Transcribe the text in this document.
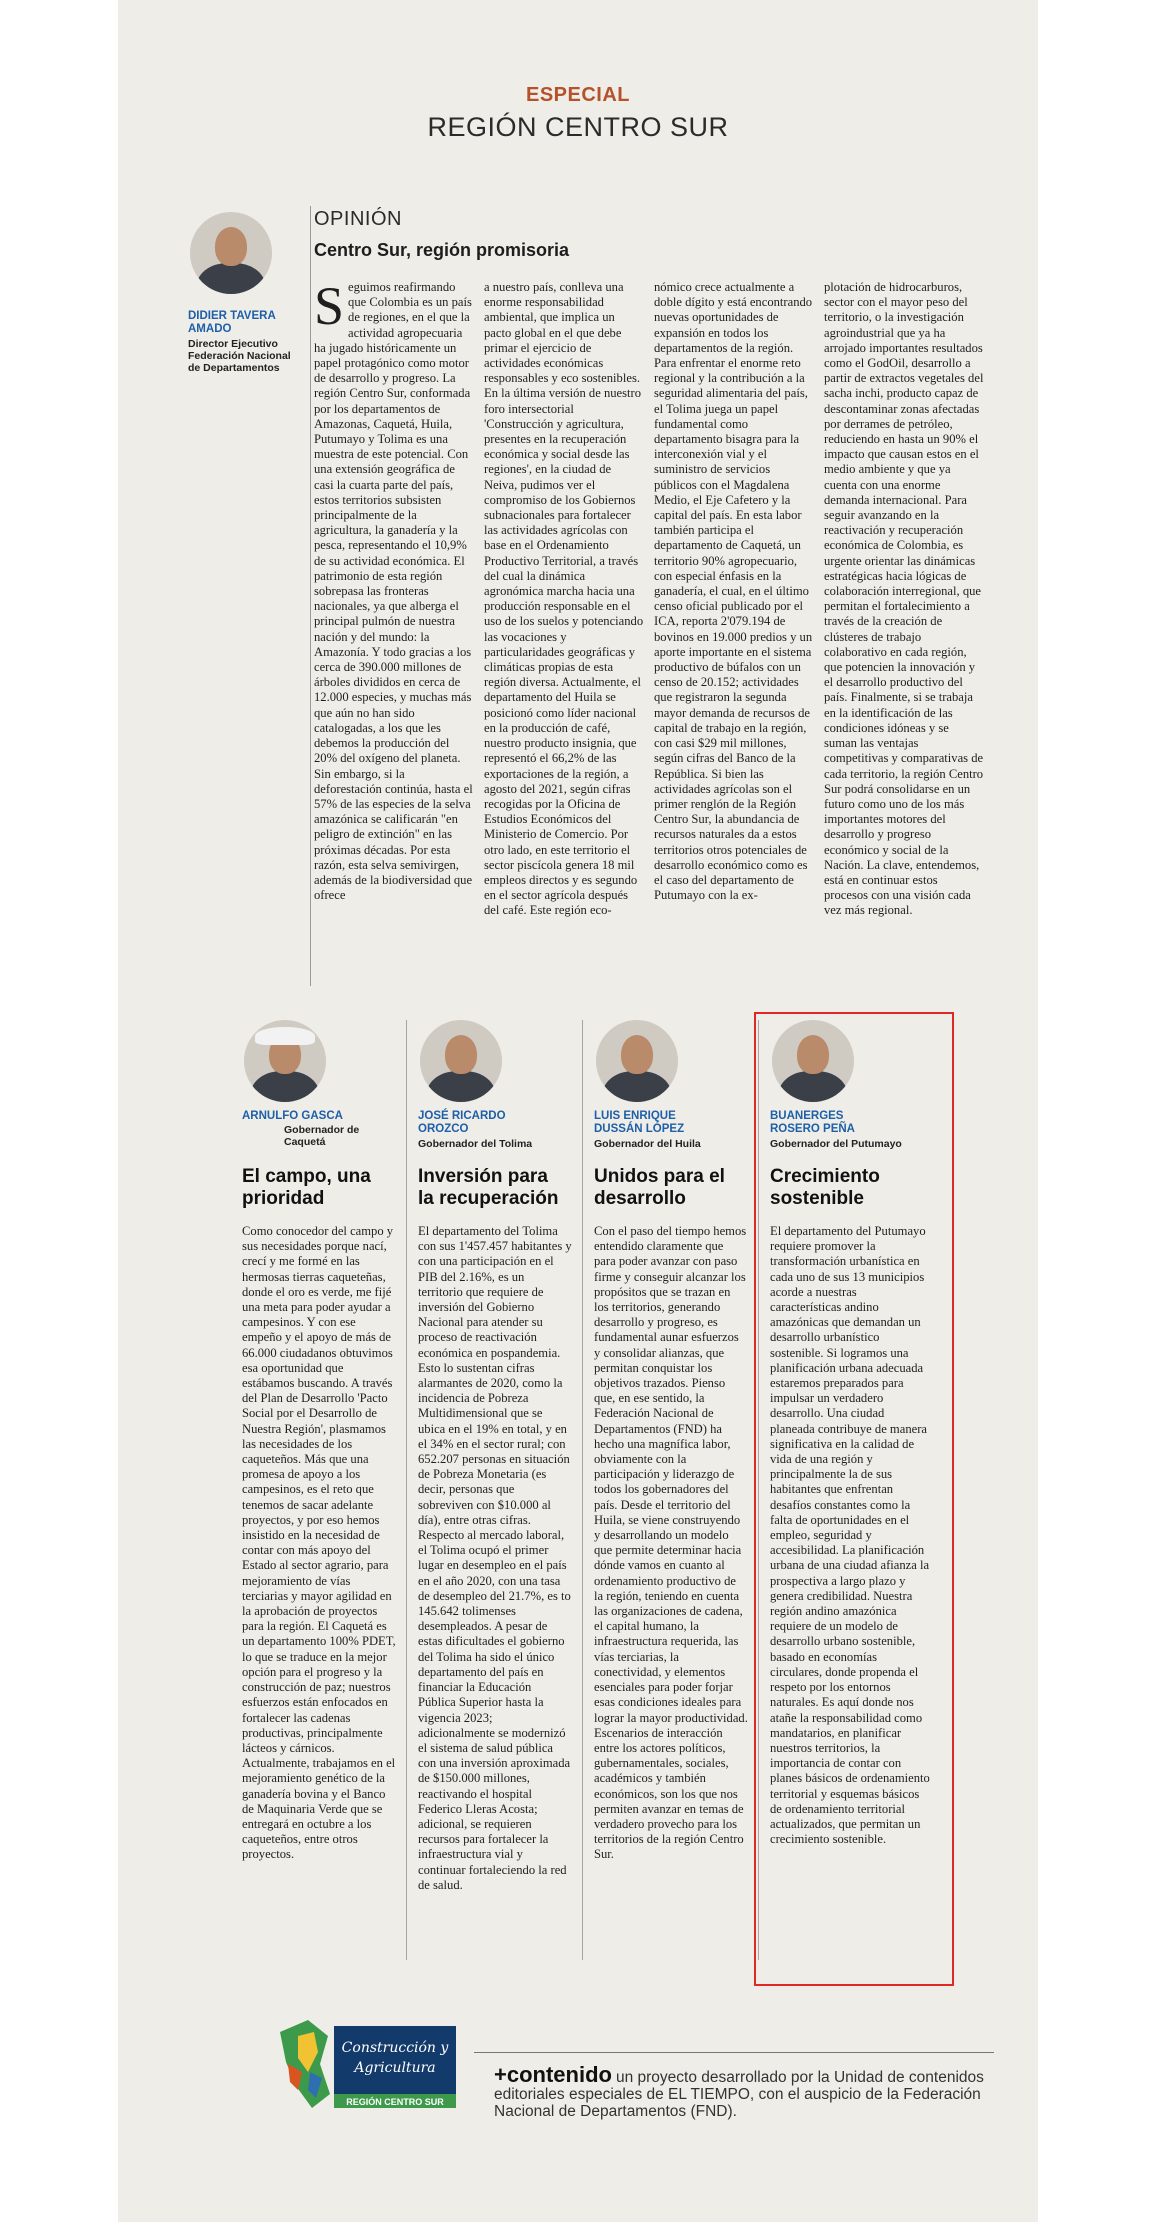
ESPECIAL
REGIÓN CENTRO SUR
DIDIER TAVERA AMADO
Director Ejecutivo Federación Nacional de Departamentos
OPINIÓN
Centro Sur, región promisoria
Seguimos reafirmando que Colombia es un país de regiones, en el que la actividad agropecuaria ha jugado históricamente un papel protagónico como motor de desarrollo y progreso. La región Centro Sur, conformada por los departamentos de Amazonas, Caquetá, Huila, Putumayo y Tolima es una muestra de este potencial. Con una extensión geográfica de casi la cuarta parte del país, estos territorios subsisten principalmente de la agricultura, la ganadería y la pesca, representando el 10,9% de su actividad económica. El patrimonio de esta región sobrepasa las fronteras nacionales, ya que alberga el principal pulmón de nuestra nación y del mundo: la Amazonía. Y todo gracias a los cerca de 390.000 millones de árboles divididos en cerca de 12.000 especies, y muchas más que aún no han sido catalogadas, a los que les debemos la producción del 20% del oxígeno del planeta. Sin embargo, si la deforestación continúa, hasta el 57% de las especies de la selva amazónica se calificarán "en peligro de extinción" en las próximas décadas. Por esta razón, esta selva semivirgen, además de la biodiversidad que ofrece
a nuestro país, conlleva una enorme responsabilidad ambiental, que implica un pacto global en el que debe primar el ejercicio de actividades económicas responsables y eco sostenibles. En la última versión de nuestro foro intersectorial 'Construcción y agricultura, presentes en la recuperación económica y social desde las regiones', en la ciudad de Neiva, pudimos ver el compromiso de los Gobiernos subnacionales para fortalecer las actividades agrícolas con base en el Ordenamiento Productivo Territorial, a través del cual la dinámica agronómica marcha hacia una producción responsable en el uso de los suelos y potenciando las vocaciones y particularidades geográficas y climáticas propias de esta región diversa. Actualmente, el departamento del Huila se posicionó como líder nacional en la producción de café, nuestro producto insignia, que representó el 66,2% de las exportaciones de la región, a agosto del 2021, según cifras recogidas por la Oficina de Estudios Económicos del Ministerio de Comercio. Por otro lado, en este territorio el sector piscícola genera 18 mil empleos directos y es segundo en el sector agrícola después del café. Este región eco-
nómico crece actualmente a doble dígito y está encontrando nuevas oportunidades de expansión en todos los departamentos de la región. Para enfrentar el enorme reto regional y la contribución a la seguridad alimentaria del país, el Tolima juega un papel fundamental como departamento bisagra para la interconexión vial y el suministro de servicios públicos con el Magdalena Medio, el Eje Cafetero y la capital del país. En esta labor también participa el departamento de Caquetá, un territorio 90% agropecuario, con especial énfasis en la ganadería, el cual, en el último censo oficial publicado por el ICA, reporta 2'079.194 de bovinos en 19.000 predios y un aporte importante en el sistema productivo de búfalos con un censo de 20.152; actividades que registraron la segunda mayor demanda de recursos de capital de trabajo en la región, con casi $29 mil millones, según cifras del Banco de la República. Si bien las actividades agrícolas son el primer renglón de la Región Centro Sur, la abundancia de recursos naturales da a estos territorios otros potenciales de desarrollo económico como es el caso del departamento de Putumayo con la ex-
plotación de hidrocarburos, sector con el mayor peso del territorio, o la investigación agroindustrial que ya ha arrojado importantes resultados como el GodOil, desarrollo a partir de extractos vegetales del sacha inchi, producto capaz de descontaminar zonas afectadas por derrames de petróleo, reduciendo en hasta un 90% el impacto que causan estos en el medio ambiente y que ya cuenta con una enorme demanda internacional. Para seguir avanzando en la reactivación y recuperación económica de Colombia, es urgente orientar las dinámicas estratégicas hacia lógicas de colaboración interregional, que permitan el fortalecimiento a través de la creación de clústeres de trabajo colaborativo en cada región, que potencien la innovación y el desarrollo productivo del país. Finalmente, si se trabaja en la identificación de las condiciones idóneas y se suman las ventajas competitivas y comparativas de cada territorio, la región Centro Sur podrá consolidarse en un futuro como uno de los más importantes motores del desarrollo y progreso económico y social de la Nación. La clave, entendemos, está en continuar estos procesos con una visión cada vez más regional.
ARNULFO GASCA
Gobernador de Caquetá
El campo, una prioridad
Como conocedor del campo y sus necesidades porque nací, crecí y me formé en las hermosas tierras caqueteñas, donde el oro es verde, me fijé una meta para poder ayudar a campesinos. Y con ese empeño y el apoyo de más de 66.000 ciudadanos obtuvimos esa oportunidad que estábamos buscando. A través del Plan de Desarrollo 'Pacto Social por el Desarrollo de Nuestra Región', plasmamos las necesidades de los caqueteños. Más que una promesa de apoyo a los campesinos, es el reto que tenemos de sacar adelante proyectos, y por eso hemos insistido en la necesidad de contar con más apoyo del Estado al sector agrario, para mejoramiento de vías terciarias y mayor agilidad en la aprobación de proyectos para la región. El Caquetá es un departamento 100% PDET, lo que se traduce en la mejor opción para el progreso y la construcción de paz; nuestros esfuerzos están enfocados en fortalecer las cadenas productivas, principalmente lácteos y cárnicos. Actualmente, trabajamos en el mejoramiento genético de la ganadería bovina y el Banco de Maquinaria Verde que se entregará en octubre a los caqueteños, entre otros proyectos.
JOSÉ RICARDO OROZCO
Gobernador del Tolima
Inversión para la recuperación
El departamento del Tolima con sus 1'457.457 habitantes y con una participación en el PIB del 2.16%, es un territorio que requiere de inversión del Gobierno Nacional para atender su proceso de reactivación económica en pospandemia. Esto lo sustentan cifras alarmantes de 2020, como la incidencia de Pobreza Multidimensional que se ubica en el 19% en total, y en el 34% en el sector rural; con 652.207 personas en situación de Pobreza Monetaria (es decir, personas que sobreviven con $10.000 al día), entre otras cifras. Respecto al mercado laboral, el Tolima ocupó el primer lugar en desempleo en el país en el año 2020, con una tasa de desempleo del 21.7%, es to 145.642 tolimenses desempleados. A pesar de estas dificultades el gobierno del Tolima ha sido el único departamento del país en financiar la Educación Pública Superior hasta la vigencia 2023; adicionalmente se modernizó el sistema de salud pública con una inversión aproximada de $150.000 millones, reactivando el hospital Federico Lleras Acosta; adicional, se requieren recursos para fortalecer la infraestructura vial y continuar fortaleciendo la red de salud.
LUIS ENRIQUE DUSSÁN LÓPEZ
Gobernador del Huila
Unidos para el desarrollo
Con el paso del tiempo hemos entendido claramente que para poder avanzar con paso firme y conseguir alcanzar los propósitos que se trazan en los territorios, generando desarrollo y progreso, es fundamental aunar esfuerzos y consolidar alianzas, que permitan conquistar los objetivos trazados. Pienso que, en ese sentido, la Federación Nacional de Departamentos (FND) ha hecho una magnífica labor, obviamente con la participación y liderazgo de todos los gobernadores del país. Desde el territorio del Huila, se viene construyendo y desarrollando un modelo que permite determinar hacia dónde vamos en cuanto al ordenamiento productivo de la región, teniendo en cuenta las organizaciones de cadena, el capital humano, la infraestructura requerida, las vías terciarias, la conectividad, y elementos esenciales para poder forjar esas condiciones ideales para lograr la mayor productividad. Escenarios de interacción entre los actores políticos, gubernamentales, sociales, académicos y también económicos, son los que nos permiten avanzar en temas de verdadero provecho para los territorios de la región Centro Sur.
BUANERGES ROSERO PEÑA
Gobernador del Putumayo
Crecimiento sostenible
El departamento del Putumayo requiere promover la transformación urbanística en cada uno de sus 13 municipios acorde a nuestras características andino amazónicas que demandan un desarrollo urbanístico sostenible. Si logramos una planificación urbana adecuada estaremos preparados para impulsar un verdadero desarrollo. Una ciudad planeada contribuye de manera significativa en la calidad de vida de una región y principalmente la de sus habitantes que enfrentan desafíos constantes como la falta de oportunidades en el empleo, seguridad y accesibilidad. La planificación urbana de una ciudad afianza la prospectiva a largo plazo y genera credibilidad. Nuestra región andino amazónica requiere de un modelo de desarrollo urbano sostenible, basado en economías circulares, donde propenda el respeto por los entornos naturales. Es aquí donde nos atañe la responsabilidad como mandatarios, en planificar nuestros territorios, la importancia de contar con planes básicos de ordenamiento territorial y esquemas básicos de ordenamiento territorial actualizados, que permitan un crecimiento sostenible.
Construcción y
Agricultura
REGIÓN CENTRO SUR
+contenido un proyecto desarrollado por la Unidad de contenidos editoriales especiales de EL TIEMPO, con el auspicio de la Federación Nacional de Departamentos (FND).
